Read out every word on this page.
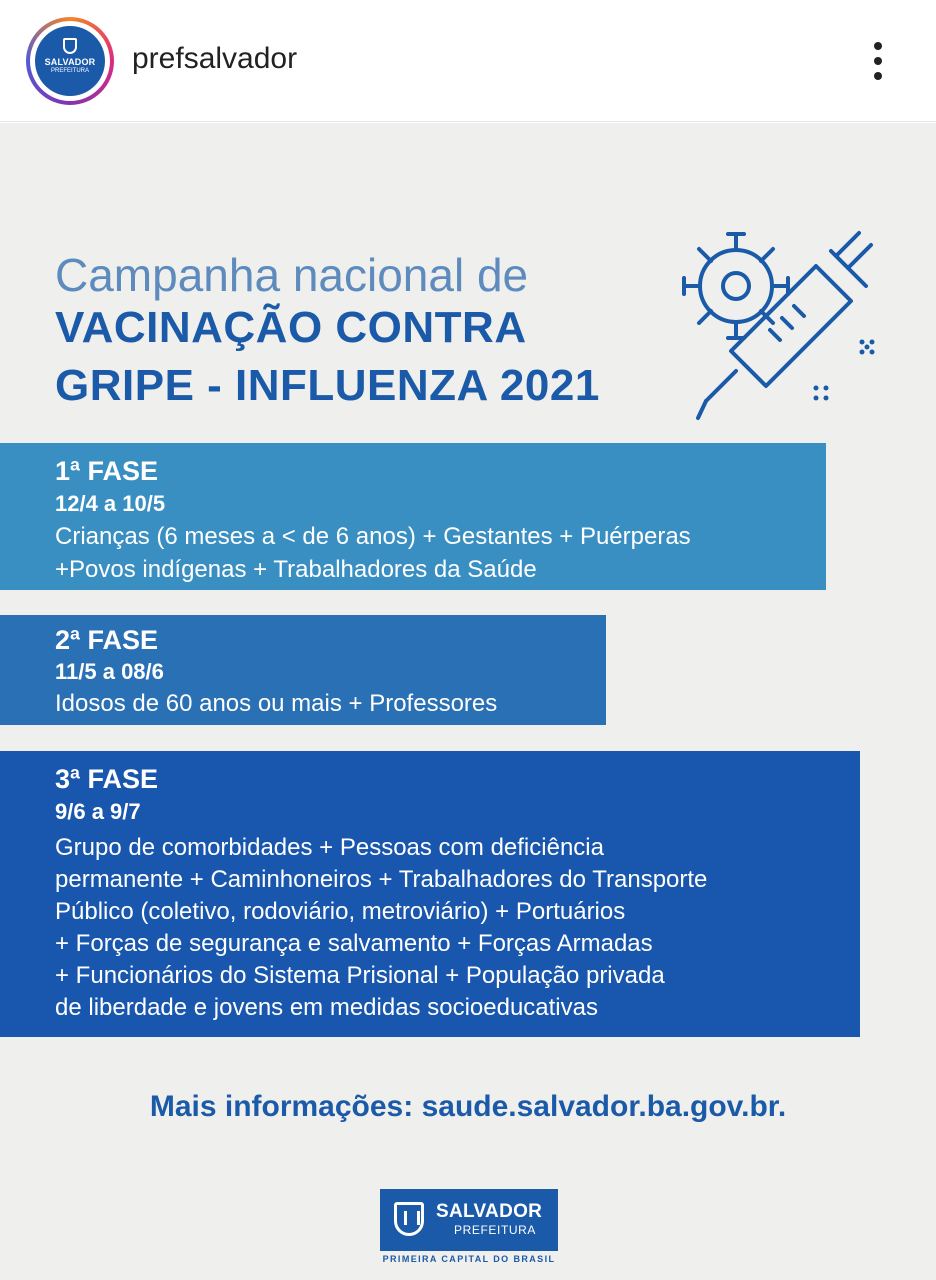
SALVADOR
PREFEITURA	prefsalvador
Campanha nacional de
VACINAÇÃO CONTRA
GRIPE - INFLUENZA 2021
1ª FASE
12/4 a 10/5
Crianças (6 meses a < de 6 anos) + Gestantes + Puérperas
+Povos indígenas + Trabalhadores da Saúde
2ª FASE
11/5 a 08/6
Idosos de 60 anos ou mais + Professores
3ª FASE
9/6 a 9/7
Grupo de comorbidades + Pessoas com deficiência
permanente + Caminhoneiros + Trabalhadores do Transporte
Público (coletivo, rodoviário, metroviário) + Portuários
+ Forças de segurança e salvamento + Forças Armadas
+ Funcionários do Sistema Prisional + População privada
de liberdade e jovens em medidas socioeducativas
Mais informações: saude.salvador.ba.gov.br.
SALVADOR
PREFEITURA
PRIMEIRA CAPITAL DO BRASIL
